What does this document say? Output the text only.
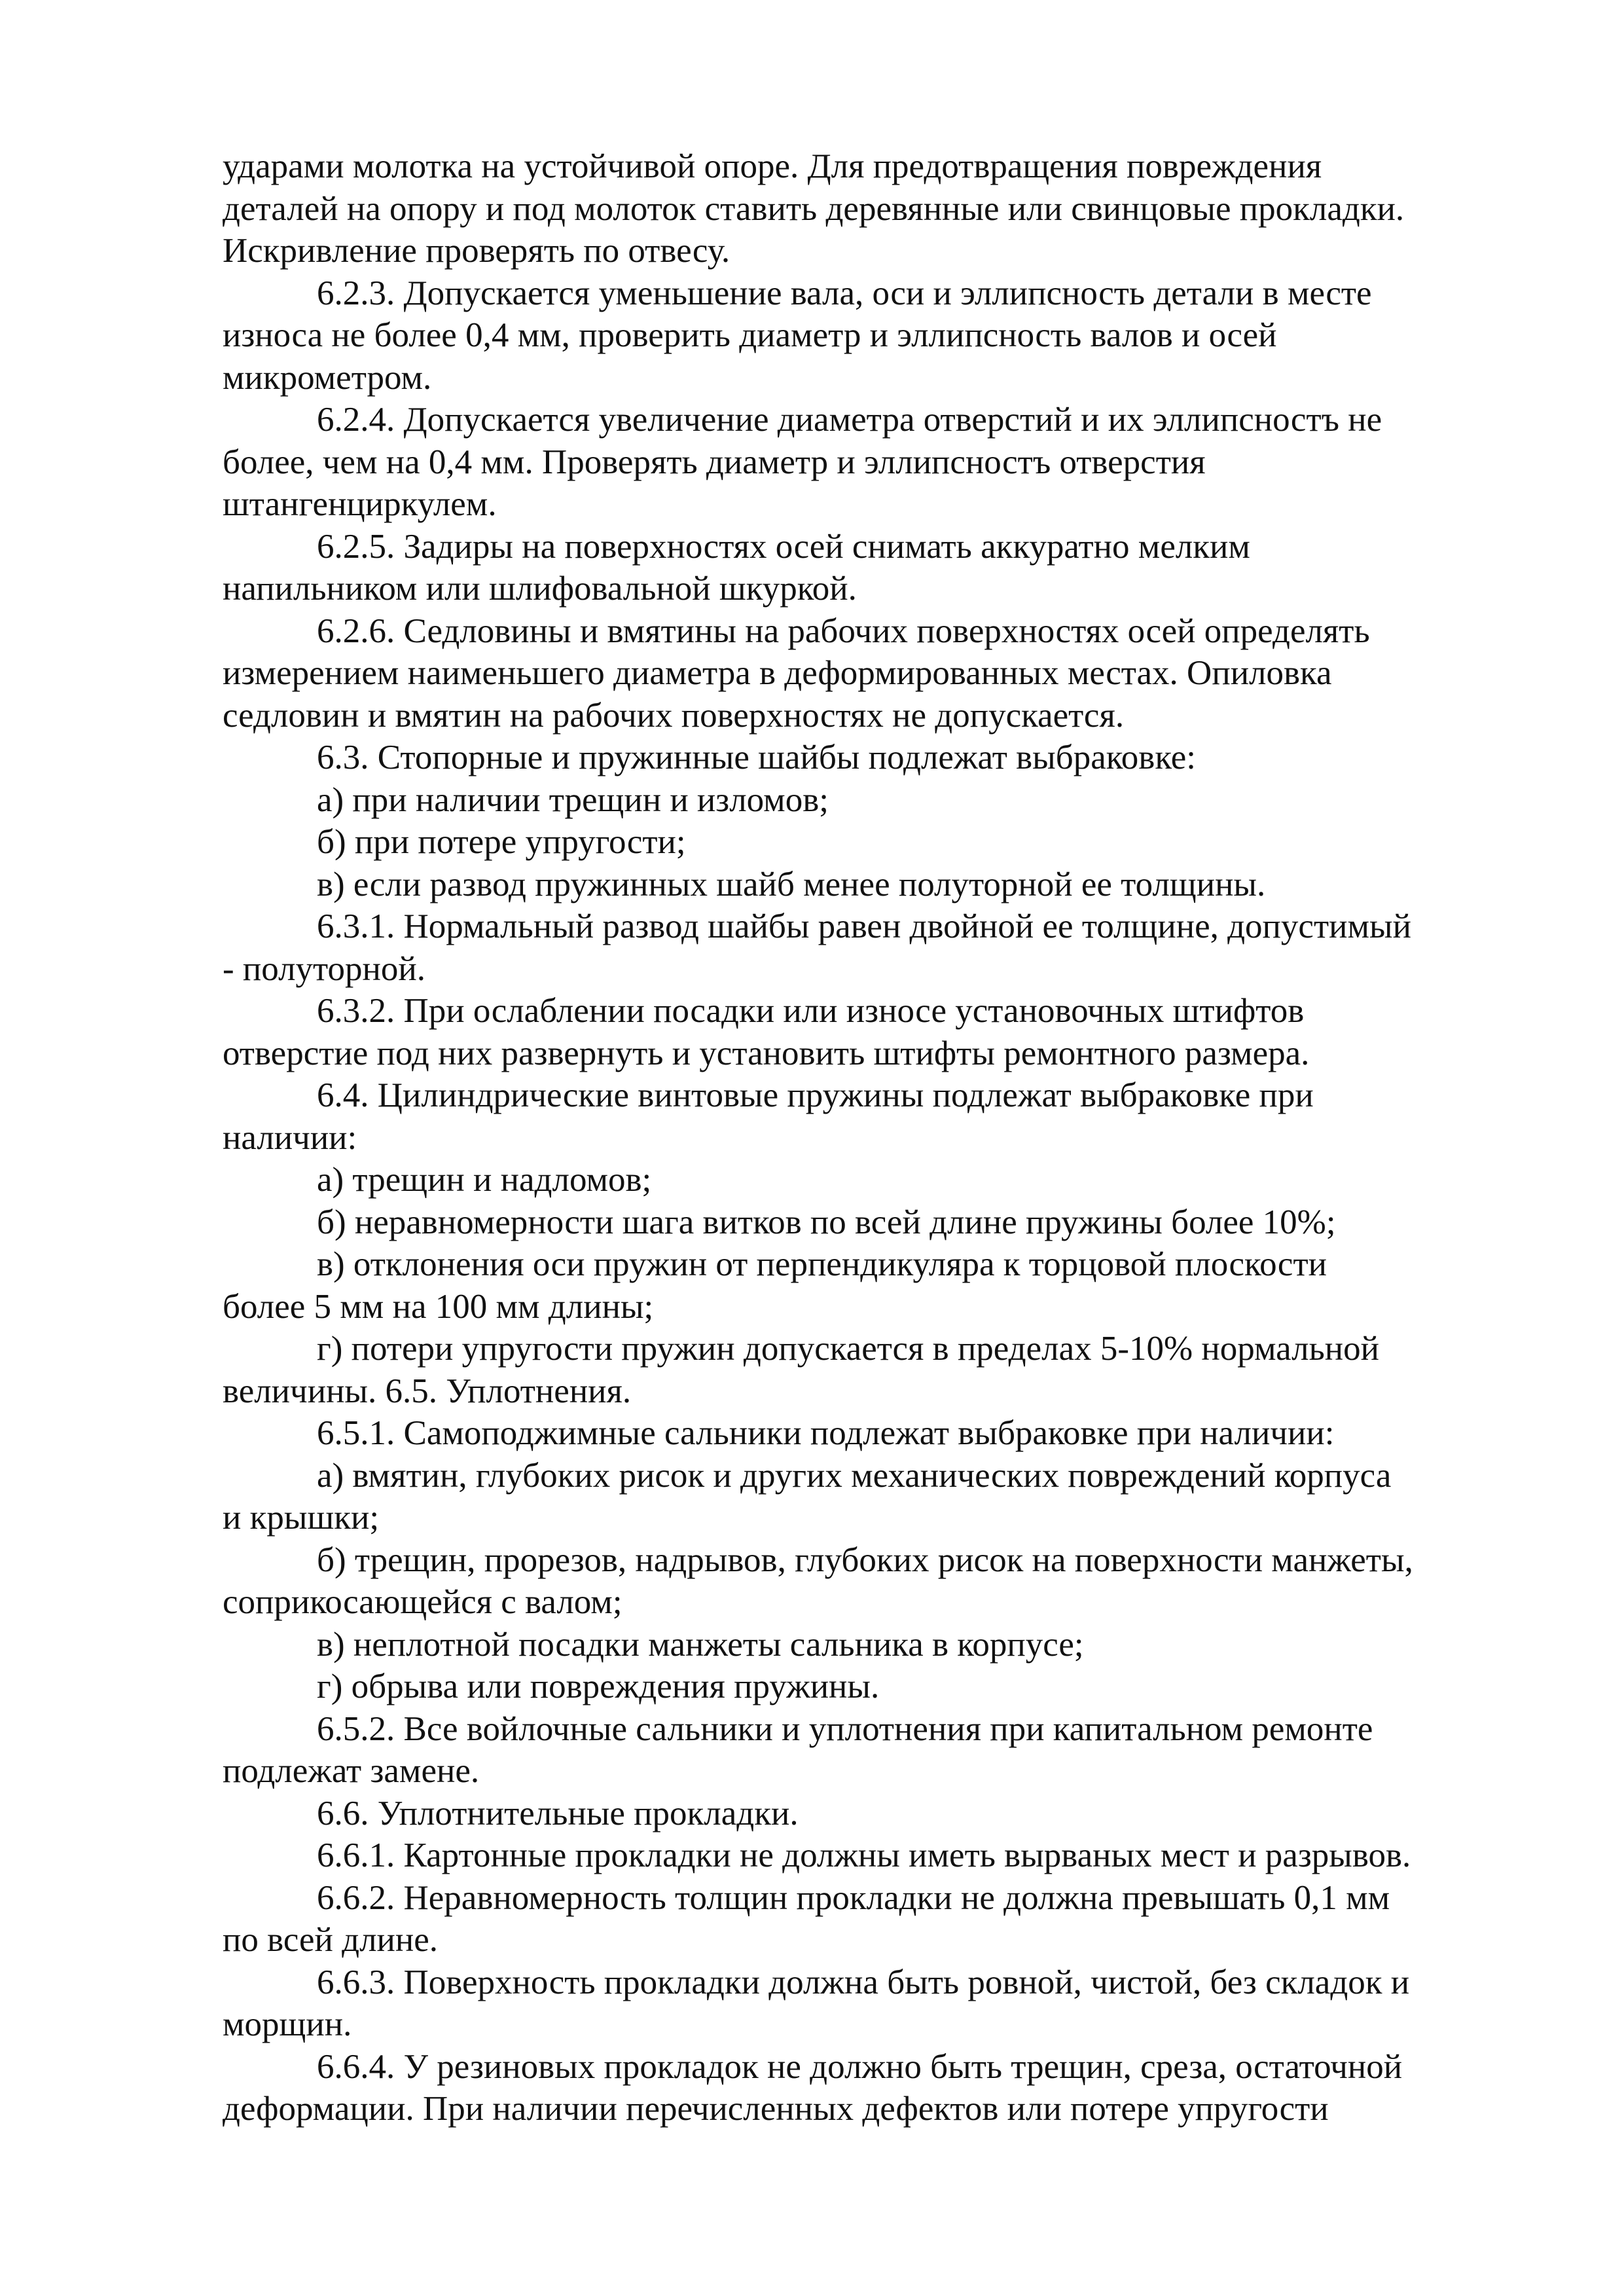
ударами молотка на устойчивой опоре. Для предотвращения повреждения
деталей на опору и под молоток ставить деревянные или свинцовые прокладки.
Искривление проверять по отвесу.
6.2.3. Допускается уменьшение вала, оси и эллипсность детали в месте
износа не более 0,4 мм, проверить диаметр и эллипсность валов и осей
микрометром.
6.2.4. Допускается увеличение диаметра отверстий и их эллипсностъ не
более, чем на 0,4 мм. Проверять диаметр и эллипсностъ отверстия
штангенциркулем.
6.2.5. Задиры на поверхностях осей снимать аккуратно мелким
напильником или шлифовальной шкуркой.
6.2.6. Седловины и вмятины на рабочих поверхностях осей определять
измерением наименьшего диаметра в деформированных местах. Опиловка
седловин и вмятин на рабочих поверхностях не допускается.
6.3. Стопорные и пружинные шайбы подлежат выбраковке:
а) при наличии трещин и изломов;
б) при потере упругости;
в) если развод пружинных шайб менее полуторной ее толщины.
6.3.1. Нормальный развод шайбы равен двойной ее толщине, допустимый
- полуторной.
6.3.2. При ослаблении посадки или износе установочных штифтов
отверстие под них развернуть и установить штифты ремонтного размера.
6.4. Цилиндрические винтовые пружины подлежат выбраковке при
наличии:
а) трещин и надломов;
б) неравномерности шага витков по всей длине пружины более 10%;
в) отклонения оси пружин от перпендикуляра к торцовой плоскости
более 5 мм на 100 мм длины;
г) потери упругости пружин допускается в пределах 5-10% нормальной
величины. 6.5. Уплотнения.
6.5.1. Самоподжимные сальники подлежат выбраковке при наличии:
а) вмятин, глубоких рисок и других механических повреждений корпуса
и крышки;
б) трещин, прорезов, надрывов, глубоких рисок на поверхности манжеты,
соприкосающейся с валом;
в) неплотной посадки манжеты сальника в корпусе;
г) обрыва или повреждения пружины.
6.5.2. Все войлочные сальники и уплотнения при капитальном ремонте
подлежат замене.
6.6. Уплотнительные прокладки.
6.6.1. Картонные прокладки не должны иметь вырваных мест и разрывов.
6.6.2. Неравномерность толщин прокладки не должна превышать 0,1 мм
по всей длине.
6.6.3. Поверхность прокладки должна быть ровной, чистой, без складок и
морщин.
6.6.4. У резиновых прокладок не должно быть трещин, среза, остаточной
деформации. При наличии перечисленных дефектов или потере упругости
